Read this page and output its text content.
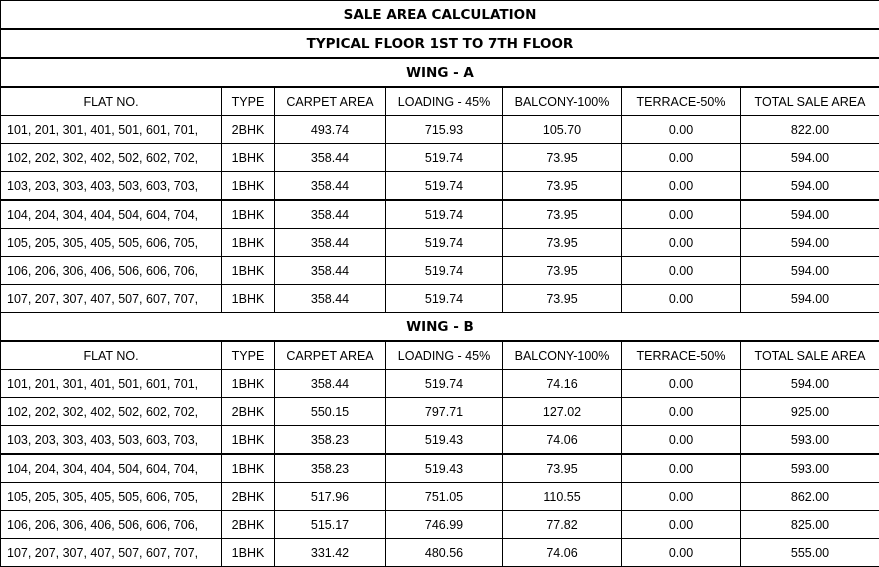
SALE AREA CALCULATION						
TYPICAL FLOOR 1ST TO 7TH FLOOR						
WING - A						
FLAT NO.	TYPE	CARPET AREA	LOADING - 45%	BALCONY-100%	TERRACE-50%	TOTAL SALE AREA
101, 201, 301, 401, 501, 601, 701,	2BHK	493.74	715.93	105.70	0.00	822.00
102, 202, 302, 402, 502, 602, 702,	1BHK	358.44	519.74	73.95	0.00	594.00
103, 203, 303, 403, 503, 603, 703,	1BHK	358.44	519.74	73.95	0.00	594.00
104, 204, 304, 404, 504, 604, 704,	1BHK	358.44	519.74	73.95	0.00	594.00
105, 205, 305, 405, 505, 606, 705,	1BHK	358.44	519.74	73.95	0.00	594.00
106, 206, 306, 406, 506, 606, 706,	1BHK	358.44	519.74	73.95	0.00	594.00
107, 207, 307, 407, 507, 607, 707,	1BHK	358.44	519.74	73.95	0.00	594.00
WING - B						
FLAT NO.	TYPE	CARPET AREA	LOADING - 45%	BALCONY-100%	TERRACE-50%	TOTAL SALE AREA
101, 201, 301, 401, 501, 601, 701,	1BHK	358.44	519.74	74.16	0.00	594.00
102, 202, 302, 402, 502, 602, 702,	2BHK	550.15	797.71	127.02	0.00	925.00
103, 203, 303, 403, 503, 603, 703,	1BHK	358.23	519.43	74.06	0.00	593.00
104, 204, 304, 404, 504, 604, 704,	1BHK	358.23	519.43	73.95	0.00	593.00
105, 205, 305, 405, 505, 606, 705,	2BHK	517.96	751.05	110.55	0.00	862.00
106, 206, 306, 406, 506, 606, 706,	2BHK	515.17	746.99	77.82	0.00	825.00
107, 207, 307, 407, 507, 607, 707,	1BHK	331.42	480.56	74.06	0.00	555.00
